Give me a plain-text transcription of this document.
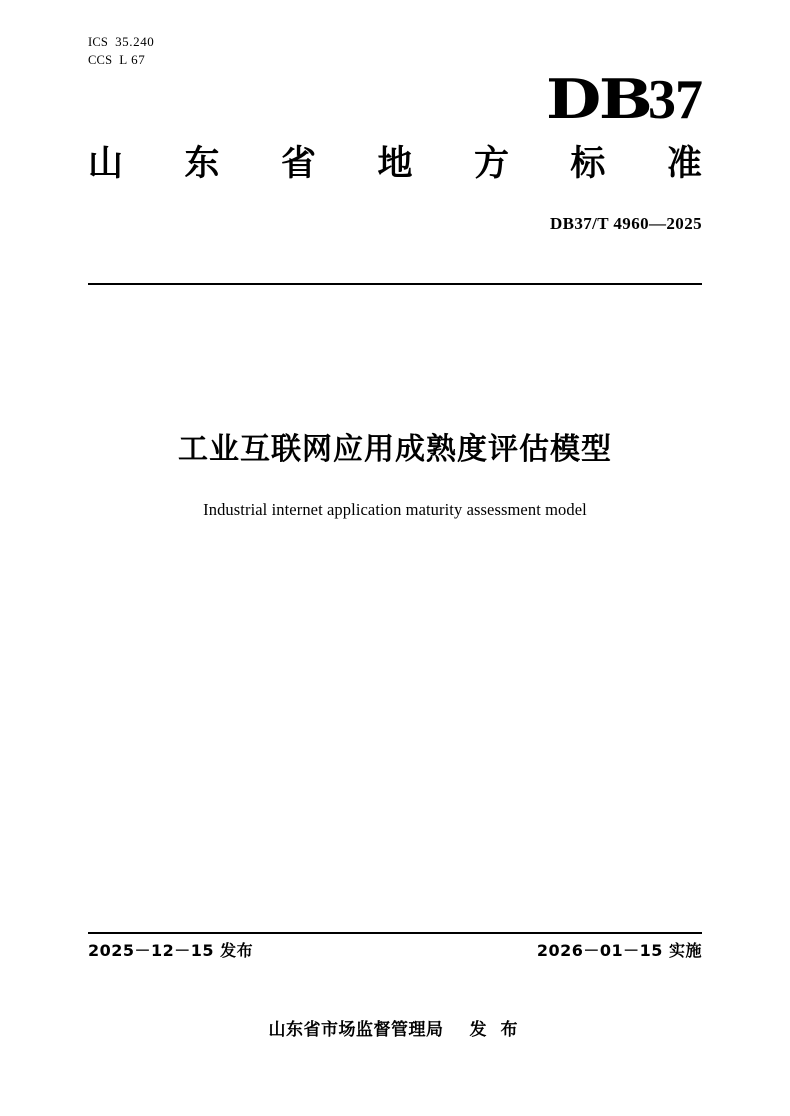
ICS 35.240
CCS L 67
DB37
山 东 省 地 方 标 准
DB37/T 4960—2025
工业互联网应用成熟度评估模型
Industrial internet application maturity assessment model
2025－12－15 发布	2026－01－15 实施
山东省市场监督管理局 发 布
